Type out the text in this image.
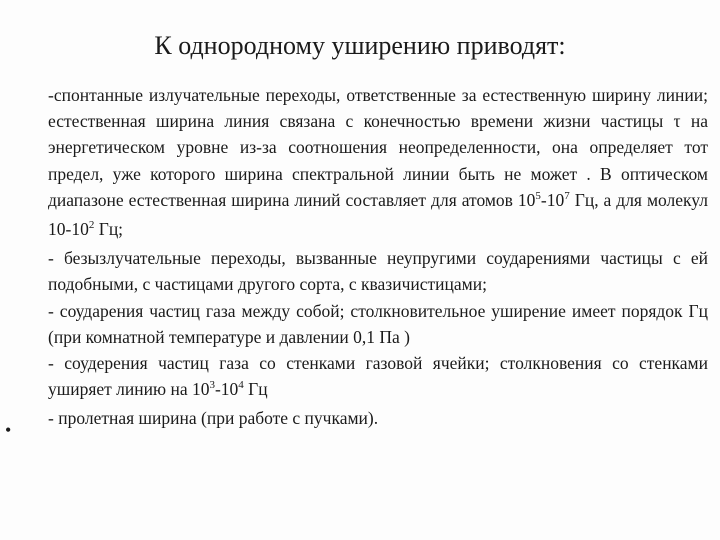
К однородному уширению приводят:

-спонтанные излучательные переходы, ответственные за естественную ширину линии; естественная ширина линия связана с конечностью времени жизни частицы τ на энергетическом уровне из-за соотношения неопределенности, она определяет тот предел, уже которого ширина спектральной линии быть не может . В оптическом диапазоне естественная ширина линий составляет для атомов $10^5-10^7$ Гц, а для молекул $10-10^2$ Гц;

- безызлучательные переходы, вызванные неупругими соударениями частицы с ей подобными, с частицами другого сорта, с квазичистицами;

- соударения частиц газа между собой; столкновительное уширение имеет порядок Гц (при комнатной температуре и давлении 0,1 Па )

- соудерения частиц газа со стенками газовой ячейки; столкновения со стенками уширяет линию на $10^3-10^4$ Гц

- пролетная ширина (при работе с пучками).

•
